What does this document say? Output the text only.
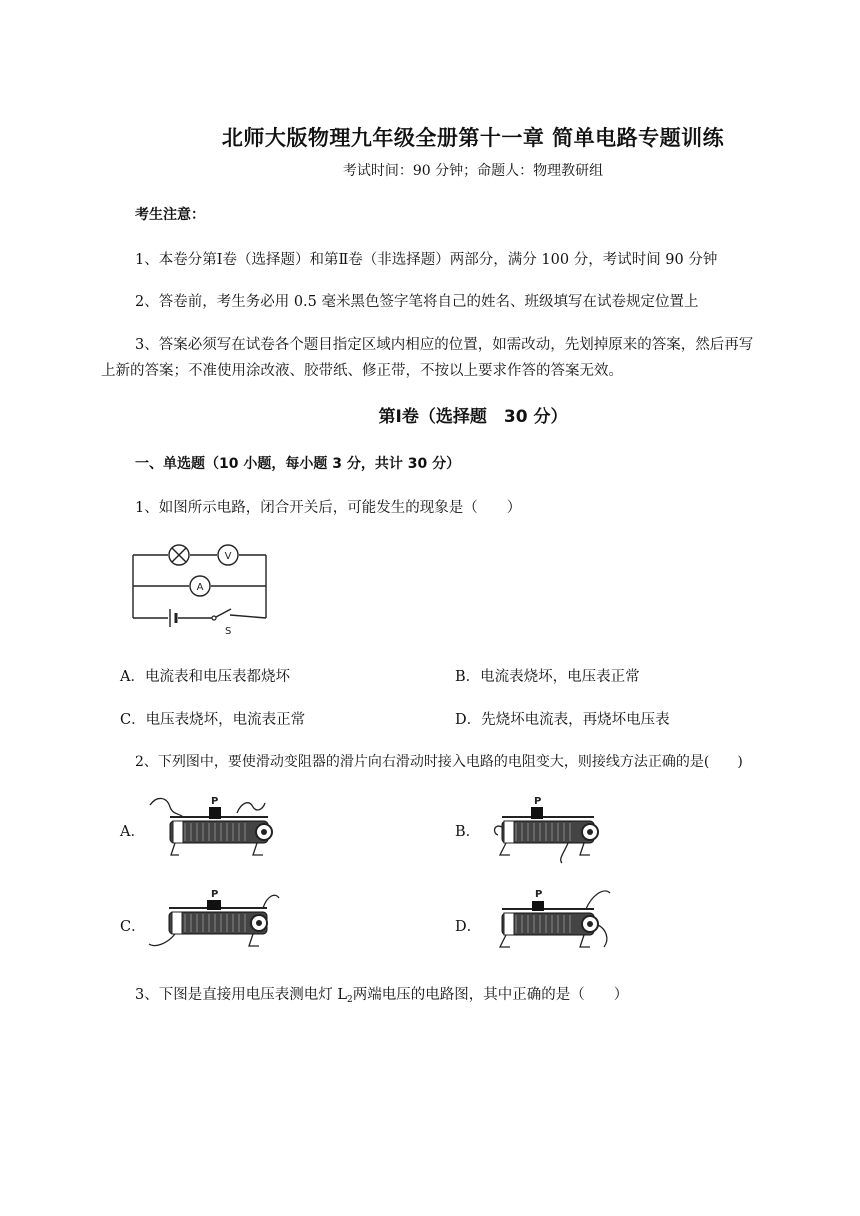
北师大版物理九年级全册第十一章 简单电路专题训练
考试时间：90 分钟；命题人：物理教研组
考生注意：
1、本卷分第Ⅰ卷（选择题）和第Ⅱ卷（非选择题）两部分，满分 100 分，考试时间 90 分钟
2、答卷前，考生务必用 0.5 毫米黑色签字笔将自己的姓名、班级填写在试卷规定位置上
3、答案必须写在试卷各个题目指定区域内相应的位置，如需改动，先划掉原来的答案，然后再写
上新的答案；不准使用涂改液、胶带纸、修正带，不按以上要求作答的答案无效。
第Ⅰ卷（选择题　30 分）
一、单选题（10 小题，每小题 3 分，共计 30 分）
1、如图所示电路，闭合开关后，可能发生的现象是（　　）
V
A
S
A．电流表和电压表都烧坏	B．电流表烧坏，电压表正常
C．电压表烧坏，电流表正常	D．先烧坏电流表，再烧坏电压表
2、下列图中，要使滑动变阻器的滑片向右滑动时接入电路的电阻变大，则接线方法正确的是(　　)
A．	B．
C．	D．
P	P
P	P
3、下图是直接用电压表测电灯 $L_2$两端电压的电路图，其中正确的是（　　）
